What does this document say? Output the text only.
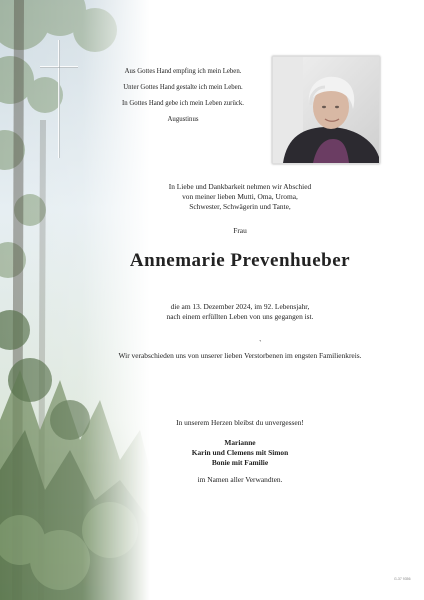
Aus Gottes Hand empfing ich mein Leben.
Unter Gottes Hand gestalte ich mein Leben.
In Gottes Hand gebe ich mein Leben zurück.
Augustinus
In Liebe und Dankbarkeit nehmen wir Abschied
von meiner lieben Mutti, Oma, Uroma,
Schwester, Schwägerin und Tante,
Frau
Annemarie Prevenhueber
die am 13. Dezember 2024, im 92. Lebensjahr,
nach einem erfüllten Leben von uns gegangen ist.
`
Wir verabschieden uns von unserer lieben Verstorbenen im engsten Familienkreis.
In unserem Herzen bleibst du unvergessen!
Marianne
Karin und Clemens mit Simon
Bonie mit Familie
im Namen aller Verwandten.
G-37 9356
